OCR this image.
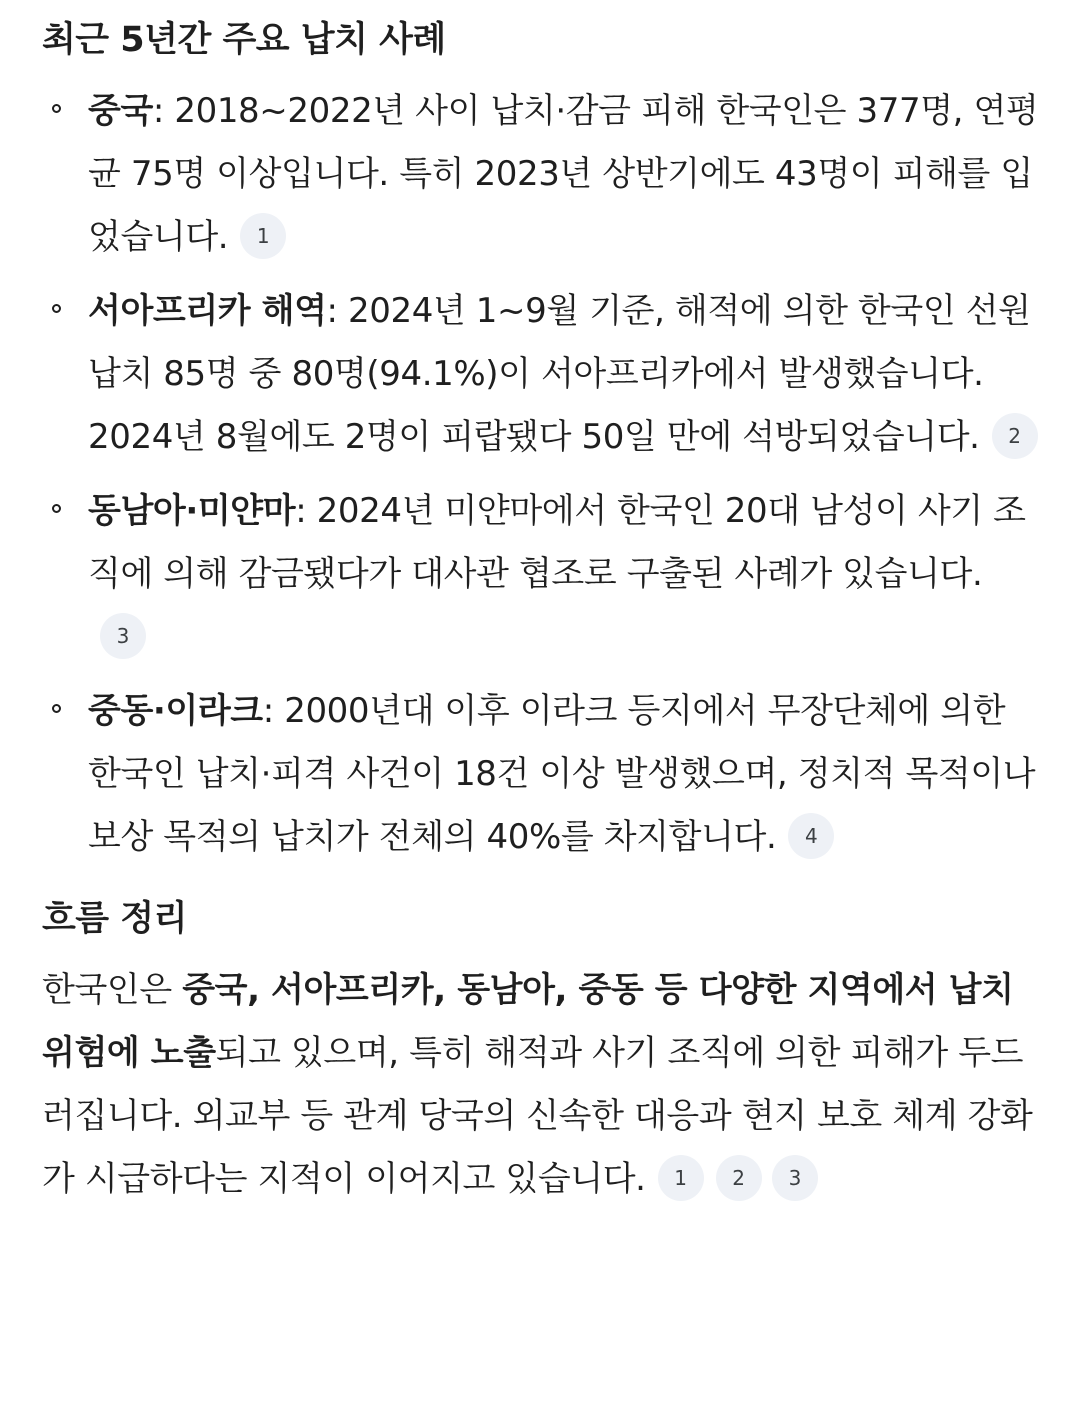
최근 5년간 주요 납치 사례
중국: 2018~2022년 사이 납치·감금 피해 한국인은 377명, 연평균 75명 이상입니다. 특히 2023년 상반기에도 43명이 피해를 입었습니다. 1
서아프리카 해역: 2024년 1~9월 기준, 해적에 의한 한국인 선원 납치 85명 중 80명(94.1%)이 서아프리카에서 발생했습니다. 2024년 8월에도 2명이 피랍됐다 50일 만에 석방되었습니다. 2
동남아·미얀마: 2024년 미얀마에서 한국인 20대 남성이 사기 조직에 의해 감금됐다가 대사관 협조로 구출된 사례가 있습니다.3
중동·이라크: 2000년대 이후 이라크 등지에서 무장단체에 의한 한국인 납치·피격 사건이 18건 이상 발생했으며, 정치적 목적이나 보상 목적의 납치가 전체의 40%를 차지합니다. 4
흐름 정리

한국인은 중국, 서아프리카, 동남아, 중동 등 다양한 지역에서 납치 위험에 노출되고 있으며, 특히 해적과 사기 조직에 의한 피해가 두드러집니다. 외교부 등 관계 당국의 신속한 대응과 현지 보호 체계 강화가 시급하다는 지적이 이어지고 있습니다. 1 2 3
